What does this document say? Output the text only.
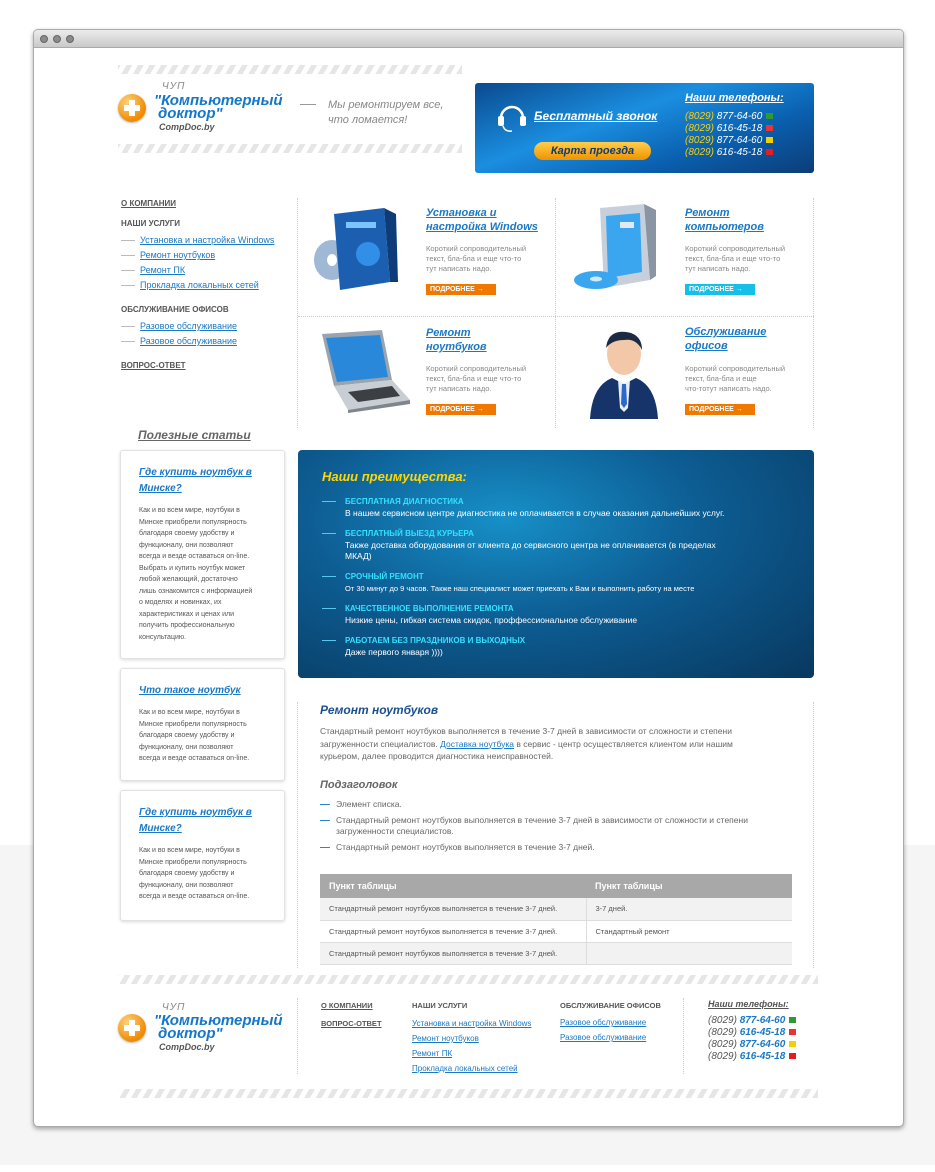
ЧУП
"Компьютерный
доктор"
CompDoc.by
Мы ремонтируем все,
что ломается!	Бесплатный звонок
Карта проезда
Наши телефоны:
(8029) 877-64-60
(8029) 616-45-18
(8029) 877-64-60
(8029) 616-45-18
О КОМПАНИИ
НАШИ УСЛУГИ
Установка и настройка Windows
Ремонт ноутбуков
Ремонт ПК
Прокладка локальных сетей
ОБСЛУЖИВАНИЕ ОФИСОВ
Разовое обслуживание
Разовое обслуживание
ВОПРОС-ОТВЕТ
Установка и
настройка Windows
Короткий сопроводительный
текст, бла-бла и еще что-то
тут написать надо.
ПОДРОБНЕЕ →
Ремонт
компьютеров
Короткий сопроводительный
текст, бла-бла и еще что-то
тут написать надо.
ПОДРОБНЕЕ →
Ремонт
ноутбуков
Короткий сопроводительный
текст, бла-бла и еще что-то
тут написать надо.
ПОДРОБНЕЕ →
Обслуживание
офисов
Короткий сопроводительный
текст, бла-бла и еще
что-тотут написать надо.
ПОДРОБНЕЕ →
Полезные статьи
Где купить ноутбук в
Минске?
Как и во всем мире, ноутбуки в
Минске приобрели популярность
благодаря своему удобству и
функционалу, они позволяют
всегда и везде оставаться on-line.
Выбрать и купить ноутбук может
любой желающий, достаточно
лишь ознакомится с информацией
о моделях и новинках, их
характеристиках и ценах или
получить профессиональную
консультацию.
Что такое ноутбук
Как и во всем мире, ноутбуки в
Минске приобрели популярность
благодаря своему удобству и
функционалу, они позволяют
всегда и везде оставаться on-line.
Где купить ноутбук в
Минске?
Как и во всем мире, ноутбуки в
Минске приобрели популярность
благодаря своему удобству и
функционалу, они позволяют
всегда и везде оставаться on-line.
Наши преимущества:
БЕСПЛАТНАЯ ДИАГНОСТИКА
В нашем сервисном центре диагностика не оплачивается в случае оказания дальнейших услуг.
БЕСПЛАТНЫЙ ВЫЕЗД КУРЬЕРА
Также доставка оборудования от клиента до сервисного центра не оплачивается (в пределах
МКАД)
СРОЧНЫЙ РЕМОНТ
От 30 минут до 9 часов. Также наш специалист может приехать к Вам и выполнить работу на месте
КАЧЕСТВЕННОЕ ВЫПОЛНЕНИЕ РЕМОНТА
Низкие цены, гибкая система скидок, проффессиональное обслуживание
РАБОТАЕМ БЕЗ ПРАЗДНИКОВ И ВЫХОДНЫХ
Даже первого января ))))
Ремонт ноутбуков
Стандартный ремонт ноутбуков выполняется в течение 3-7 дней в зависимости от сложности и степени
загруженности специалистов. Доставка ноутбука в сервис - центр осуществляется клиентом или нашим
курьером, далее проводится диагностика неисправностей.
Подзаголовок
Элемент списка.
Стандартный ремонт ноутбуков выполняется в течение 3-7 дней в зависимости от сложности и степени
загруженности специалистов.
Стандартный ремонт ноутбуков выполняется в течение 3-7 дней.
Пункт таблицы	Пункт таблицы
Стандартный ремонт ноутбуков выполняется в течение 3-7 дней.	3-7 дней.
Стандартный ремонт ноутбуков выполняется в течение 3-7 дней.	Стандартный ремонт
Стандартный ремонт ноутбуков выполняется в течение 3-7 дней.	
ЧУП
"Компьютерный
доктор"
CompDoc.by
О КОМПАНИИ
ВОПРОС-ОТВЕТ
НАШИ УСЛУГИ
Установка и настройка Windows
Ремонт ноутбуков
Ремонт ПК
Прокладка локальных сетей
ОБСЛУЖИВАНИЕ ОФИСОВ
Разовое обслуживание
Разовое обслуживание
Наши телефоны:
(8029) 877-64-60
(8029) 616-45-18
(8029) 877-64-60
(8029) 616-45-18
